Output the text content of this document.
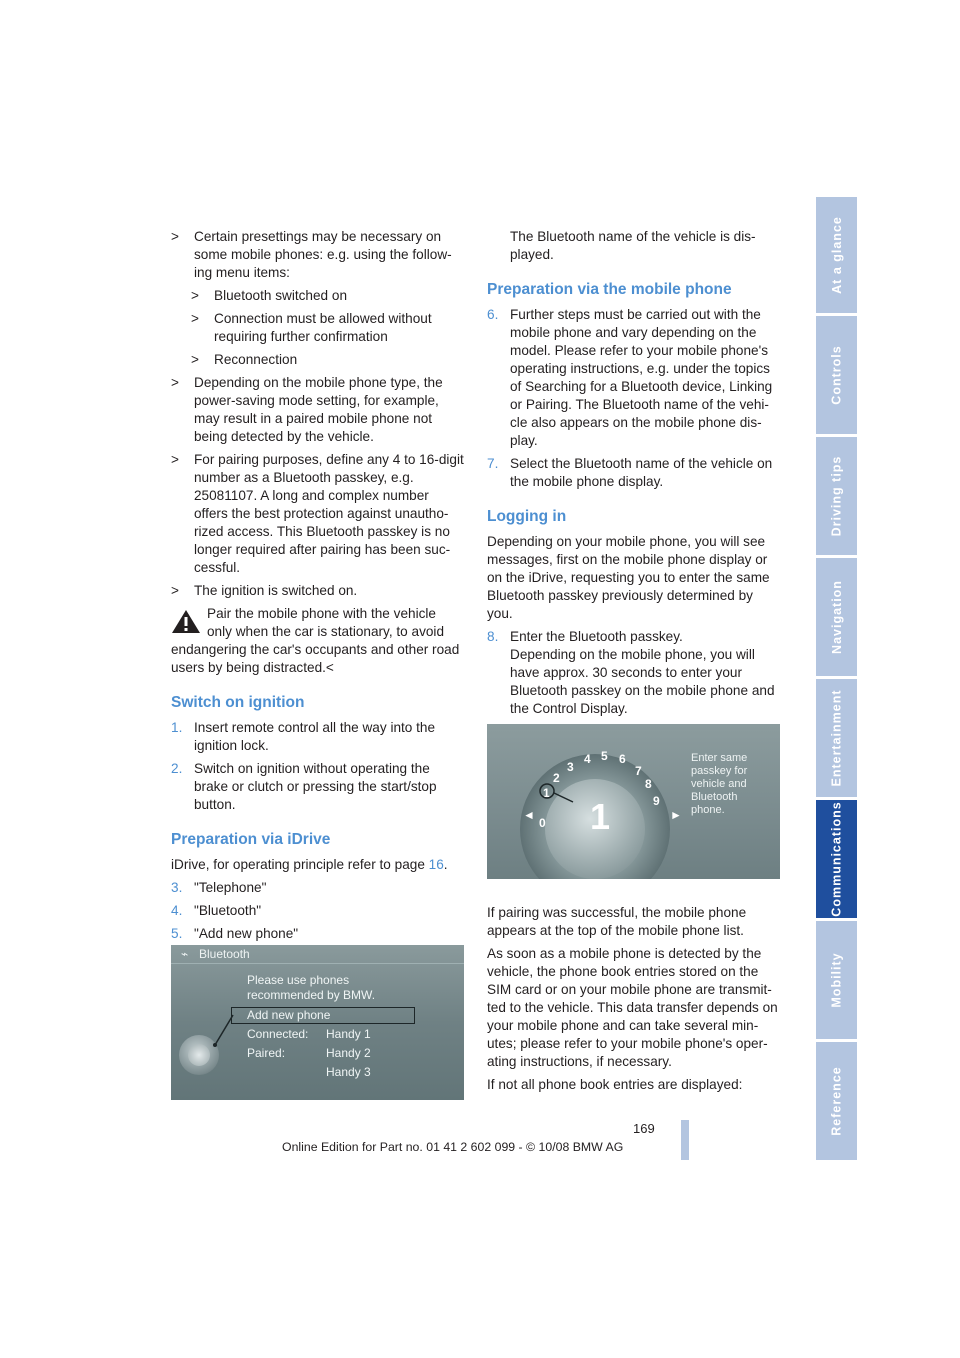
>	Certain presettings may be necessary on some mobile phones: e.g. using the follow-ing menu items:
>	Bluetooth switched on
>	Connection must be allowed without requiring further confirmation
>	Reconnection
>	Depending on the mobile phone type, the power-saving mode setting, for example, may result in a paired mobile phone not being detected by the vehicle.
>	For pairing purposes, define any 4 to 16-digit number as a Bluetooth passkey, e.g. 25081107. A long and complex number offers the best protection against unautho-rized access. This Bluetooth passkey is no longer required after pairing has been suc-cessful.
>	The ignition is switched on.
Pair the mobile phone with the vehicle only when the car is stationary, to avoid
endangering the car's occupants and other road users by being distracted.<
Switch on ignition
1 .	Insert remote control all the way into the ignition lock.
2 .	Switch on ignition without operating the brake or clutch or pressing the start/stop button.
Preparation via iDrive

iDrive, for operating principle refer to page 16.

3 .	"Telephone"
4 .	"Bluetooth"
5 .	"Add new phone"
⌁ Bluetooth
Please use phones
recommended by BMW.
Add new phone
Connected: Handy 1
Paired:	Handy 2
Handy 3

The Bluetooth name of the vehicle is dis-played.

Preparation via the mobile phone
6 .	Further steps must be carried out with the mobile phone and vary depending on the model. Please refer to your mobile phone's operating instructions, e.g. under the topics of Searching for a Bluetooth device, Linking or Pairing. The Bluetooth name of the vehi-cle also appears on the mobile phone dis-play.
7 .	Select the Bluetooth name of the vehicle on the mobile phone display.
Logging in

Depending on your mobile phone, you will see messages, first on the mobile phone display or on the iDrive, requesting you to enter the same Bluetooth passkey previously determined by you.

8 .	Enter the Bluetooth passkey.
Depending on the mobile phone, you will have approx. 30 seconds to enter your Bluetooth passkey on the mobile phone and the Control Display.

If pairing was successful, the mobile phone appears at the top of the mobile phone list.

As soon as a mobile phone is detected by the vehicle, the phone book entries stored on the SIM card or on your mobile phone are transmit-ted to the vehicle. This data transfer depends on your mobile phone and can take several min-utes; please refer to your mobile phone's oper-ating instructions, if necessary.

If not all phone book entries are displayed:

0
1
2
3
4 5 6
7
8
9
1
◄	►
Enter same
passkey for
vehicle and
Bluetooth
phone.
At a glance
Controls
Driving tips
Navigation
Entertainment
Communications
Mobility
Reference
169
Online Edition for Part no. 01 41 2 602 099 - © 10/08 BMW AG
